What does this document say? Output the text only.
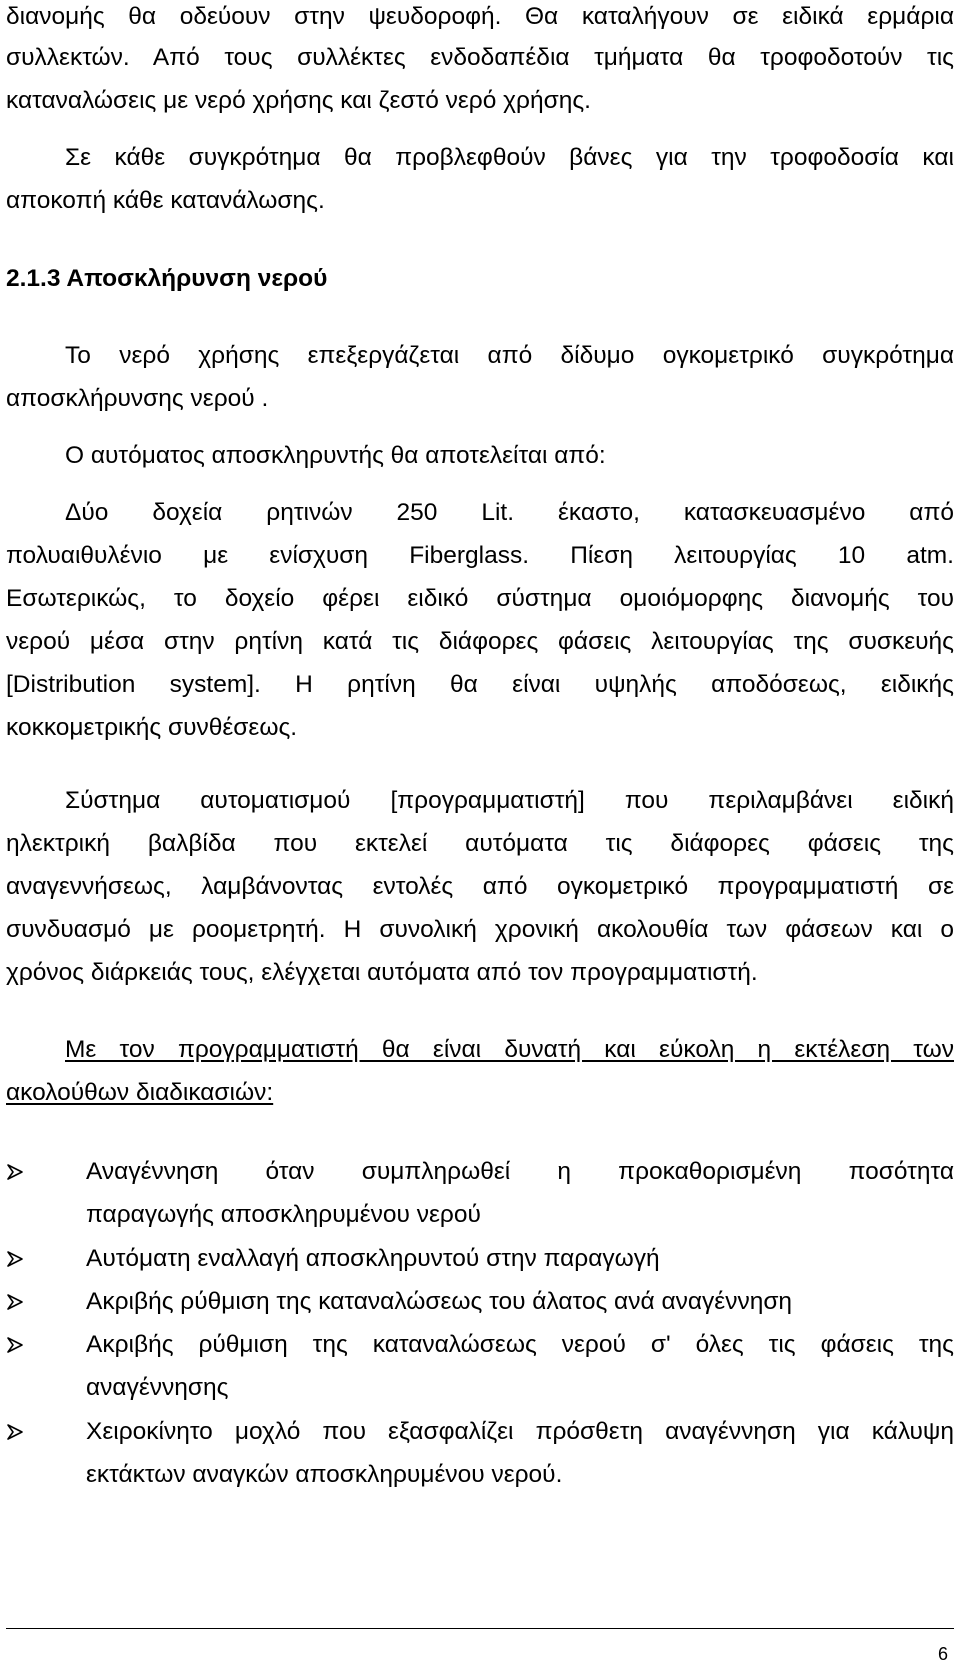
διανομής θα οδεύουν στην ψευδοροφή. Θα καταλήγουν σε ειδικά ερμάρια
συλλεκτών. Από τους συλλέκτες ενδοδαπέδια τμήματα θα τροφοδοτούν τις
καταναλώσεις με νερό χρήσης και ζεστό νερό χρήσης.
Σε κάθε συγκρότημα θα προβλεφθούν βάνες για την τροφοδοσία και
αποκοπή κάθε κατανάλωσης.
2.1.3 Αποσκλήρυνση νερού
Το νερό χρήσης επεξεργάζεται από δίδυμο ογκομετρικό συγκρότημα
αποσκλήρυνσης νερού .
Ο αυτόματος αποσκληρυντής θα αποτελείται από:
Δύο δοχεία ρητινών 250 Lit. έκαστο, κατασκευασμένο από
πολυαιθυλένιο με ενίσχυση Fiberglass. Πίεση λειτουργίας 10 atm.
Εσωτερικώς, το δοχείο φέρει ειδικό σύστημα ομοιόμορφης διανομής του
νερού μέσα στην ρητίνη κατά τις διάφορες φάσεις λειτουργίας της συσκευής
[Distribution system]. Η ρητίνη θα είναι υψηλής αποδόσεως, ειδικής
κοκκομετρικής συνθέσεως.
Σύστημα αυτοματισμού [προγραμματιστή] που περιλαμβάνει ειδική
ηλεκτρική βαλβίδα που εκτελεί αυτόματα τις διάφορες φάσεις της
αναγεννήσεως, λαμβάνοντας εντολές από ογκομετρικό προγραμματιστή σε
συνδυασμό με ροομετρητή. Η συνολική χρονική ακολουθία των φάσεων και ο
χρόνος διάρκειάς τους, ελέγχεται αυτόματα από τον προγραμματιστή.
Με τον προγραμματιστή θα είναι δυνατή και εύκολη η εκτέλεση των
ακολούθων διαδικασιών:
Αναγέννηση όταν συμπληρωθεί η προκαθορισμένη ποσότητα
παραγωγής αποσκληρυμένου νερού
Αυτόματη εναλλαγή αποσκληρυντού στην παραγωγή
Ακριβής ρύθμιση της καταναλώσεως του άλατος ανά αναγέννηση
Ακριβής ρύθμιση της καταναλώσεως νερού σ' όλες τις φάσεις της
αναγέννησης
Χειροκίνητο μοχλό που εξασφαλίζει πρόσθετη αναγέννηση για κάλυψη
εκτάκτων αναγκών αποσκληρυμένου νερού.
6
